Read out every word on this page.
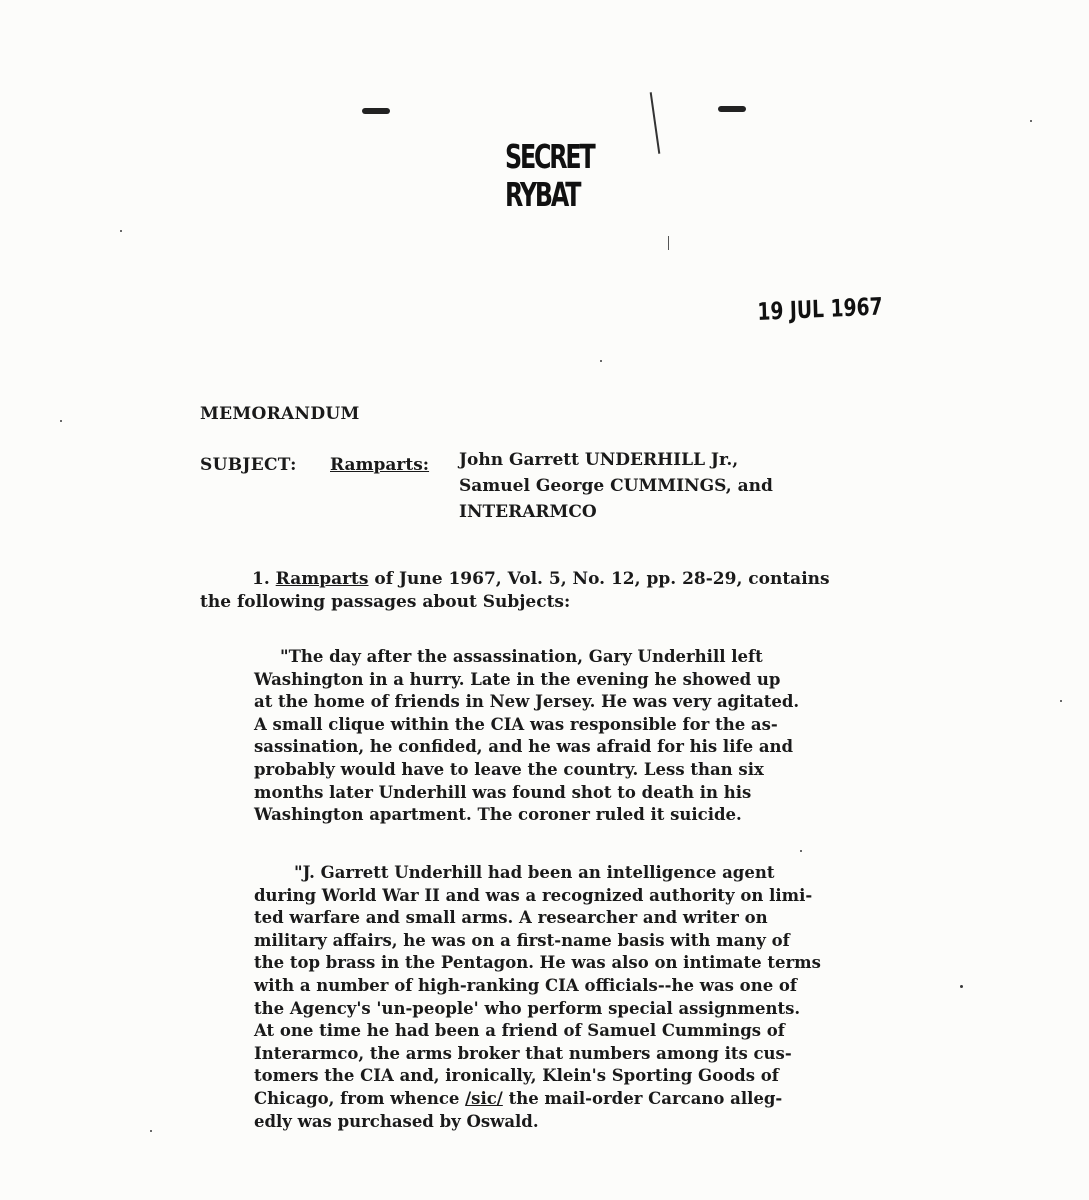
SECRET
RYBAT
19 JUL 1967
MEMORANDUM
SUBJECT: Ramparts: John Garrett UNDERHILL Jr.,
Samuel George CUMMINGS, and
INTERARMCO
1. Ramparts of June 1967, Vol. 5, No. 12, pp. 28-29, contains
the following passages about Subjects:
"The day after the assassination, Gary Underhill left
Washington in a hurry. Late in the evening he showed up
at the home of friends in New Jersey. He was very agitated.
A small clique within the CIA was responsible for the as-
sassination, he confided, and he was afraid for his life and
probably would have to leave the country. Less than six
months later Underhill was found shot to death in his
Washington apartment. The coroner ruled it suicide.
"J. Garrett Underhill had been an intelligence agent
during World War II and was a recognized authority on limi-
ted warfare and small arms. A researcher and writer on
military affairs, he was on a first-name basis with many of
the top brass in the Pentagon. He was also on intimate terms
with a number of high-ranking CIA officials--he was one of
the Agency's 'un-people' who perform special assignments.
At one time he had been a friend of Samuel Cummings of
Interarmco, the arms broker that numbers among its cus-
tomers the CIA and, ironically, Klein's Sporting Goods of
Chicago, from whence /sic/ the mail-order Carcano alleg-
edly was purchased by Oswald.
